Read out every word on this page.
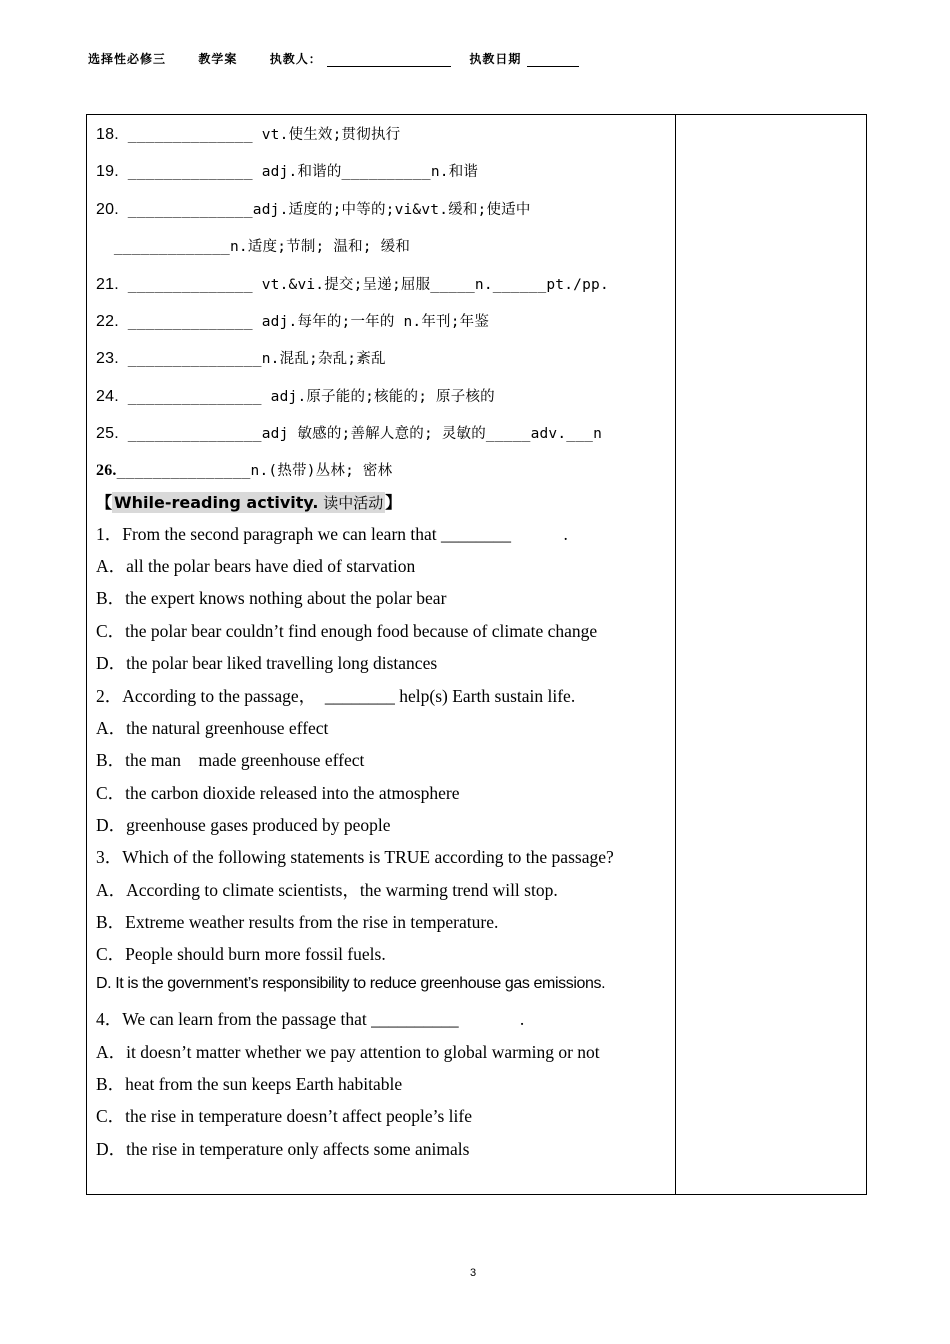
选择性必修三	教学案	执教人：	执教日期
18. ______________ vt.使生效;贯彻执行
19. ______________ adj.和谐的__________n.和谐
20. ______________adj.适度的;中等的;vi&vt.缓和;使适中
_____________n.适度;节制; 温和; 缓和
21. ______________ vt.&vi.提交;呈递;屈服_____n.______pt./pp.
22. ______________ adj.每年的;一年的 n.年刊;年鉴
23. _______________n.混乱;杂乱;紊乱
24. _______________ adj.原子能的;核能的; 原子核的
25. _______________adj 敏感的;善解人意的; 灵敏的_____adv.___n
26._______________n.(热带)丛林; 密林
【 While-reading activity. 读中活动 】
1．From the second paragraph we can learn that ________            .
A．all the polar bears have died of starvation
B．the expert knows nothing about the polar bear
C．the polar bear couldn’t find enough food because of climate change
D．the polar bear liked travelling long distances
2．According to the passage，  ________ help(s) Earth sustain life.
A．the natural greenhouse effect
B．the man    made greenhouse effect
C．the carbon dioxide released into the atmosphere
D．greenhouse gases produced by people
3．Which of the following statements is TRUE according to the passage?
A．According to climate scientists，the warming trend will stop.
B．Extreme weather results from the rise in temperature.
C．People should burn more fossil fuels.
D. It is the government’s responsibility to reduce greenhouse gas emissions.
4．We can learn from the passage that __________              .
A．it doesn’t matter whether we pay attention to global warming or not
B．heat from the sun keeps Earth habitable
C．the rise in temperature doesn’t affect people’s life
D．the rise in temperature only affects some animals
3
